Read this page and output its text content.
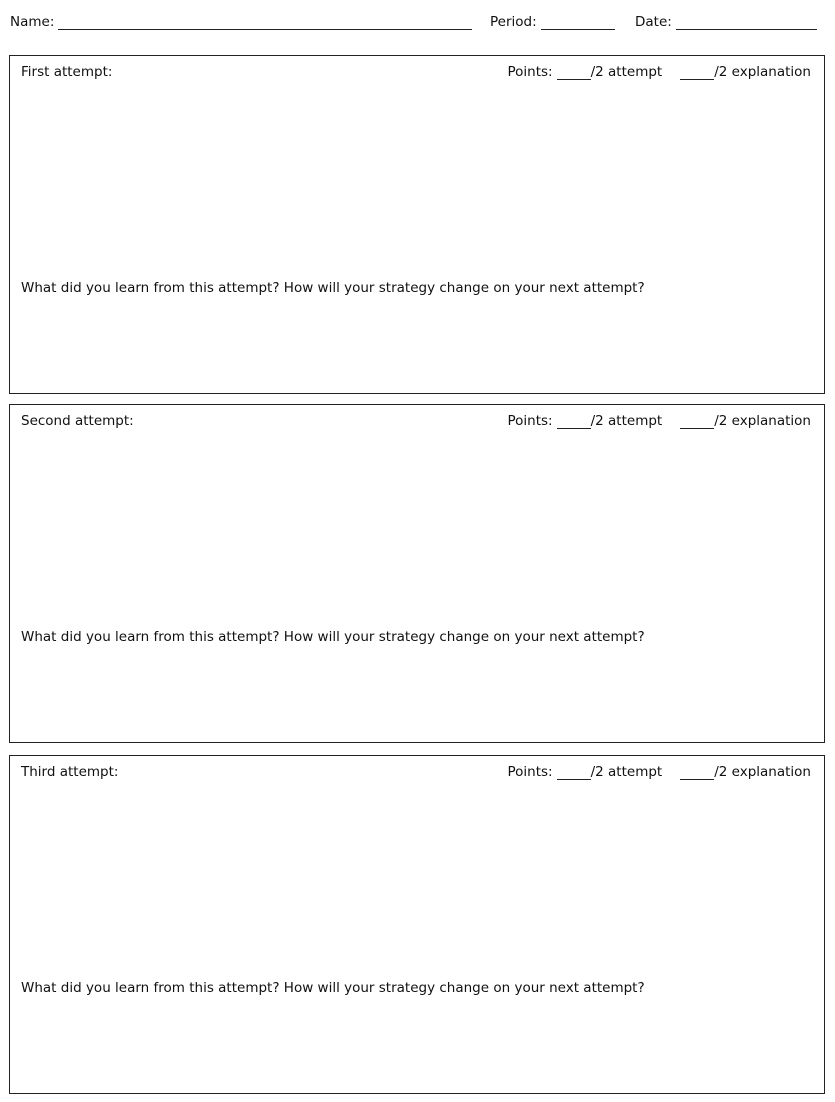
Name:	Period:	Date:
First attempt:	Points:	/2 attempt	/2 explanation
What did you learn from this attempt? How will your strategy change on your next attempt?
Second attempt:	Points:	/2 attempt	/2 explanation
What did you learn from this attempt? How will your strategy change on your next attempt?
Third attempt:	Points:	/2 attempt	/2 explanation
What did you learn from this attempt? How will your strategy change on your next attempt?
